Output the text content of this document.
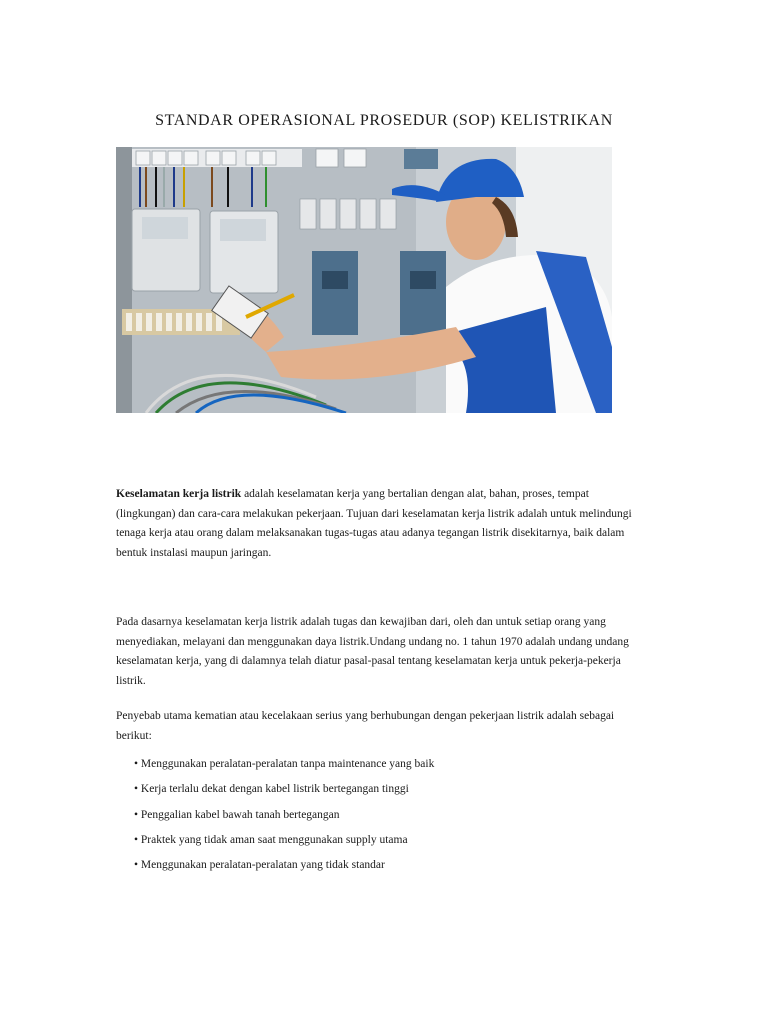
STANDAR OPERASIONAL PROSEDUR (SOP) KELISTRIKAN

Keselamatan kerja listrik adalah keselamatan kerja yang bertalian dengan alat, bahan, proses, tempat (lingkungan) dan cara-cara melakukan pekerjaan. Tujuan dari keselamatan kerja listrik adalah untuk melindungi tenaga kerja atau orang dalam melaksanakan tugas-tugas atau adanya tegangan listrik disekitarnya, baik dalam bentuk instalasi maupun jaringan.

Pada dasarnya keselamatan kerja listrik adalah tugas dan kewajiban dari, oleh dan untuk setiap orang yang menyediakan, melayani dan menggunakan daya listrik.Undang undang no. 1 tahun 1970 adalah undang undang keselamatan kerja, yang di dalamnya telah diatur pasal-pasal tentang keselamatan kerja untuk pekerja-pekerja listrik.

Penyebab utama kematian atau kecelakaan serius yang berhubungan dengan pekerjaan listrik adalah sebagai berikut:

• Menggunakan peralatan-peralatan tanpa maintenance yang baik
• Kerja terlalu dekat dengan kabel listrik bertegangan tinggi
• Penggalian kabel bawah tanah bertegangan
• Praktek yang tidak aman saat menggunakan supply utama
• Menggunakan peralatan-peralatan yang tidak standar
